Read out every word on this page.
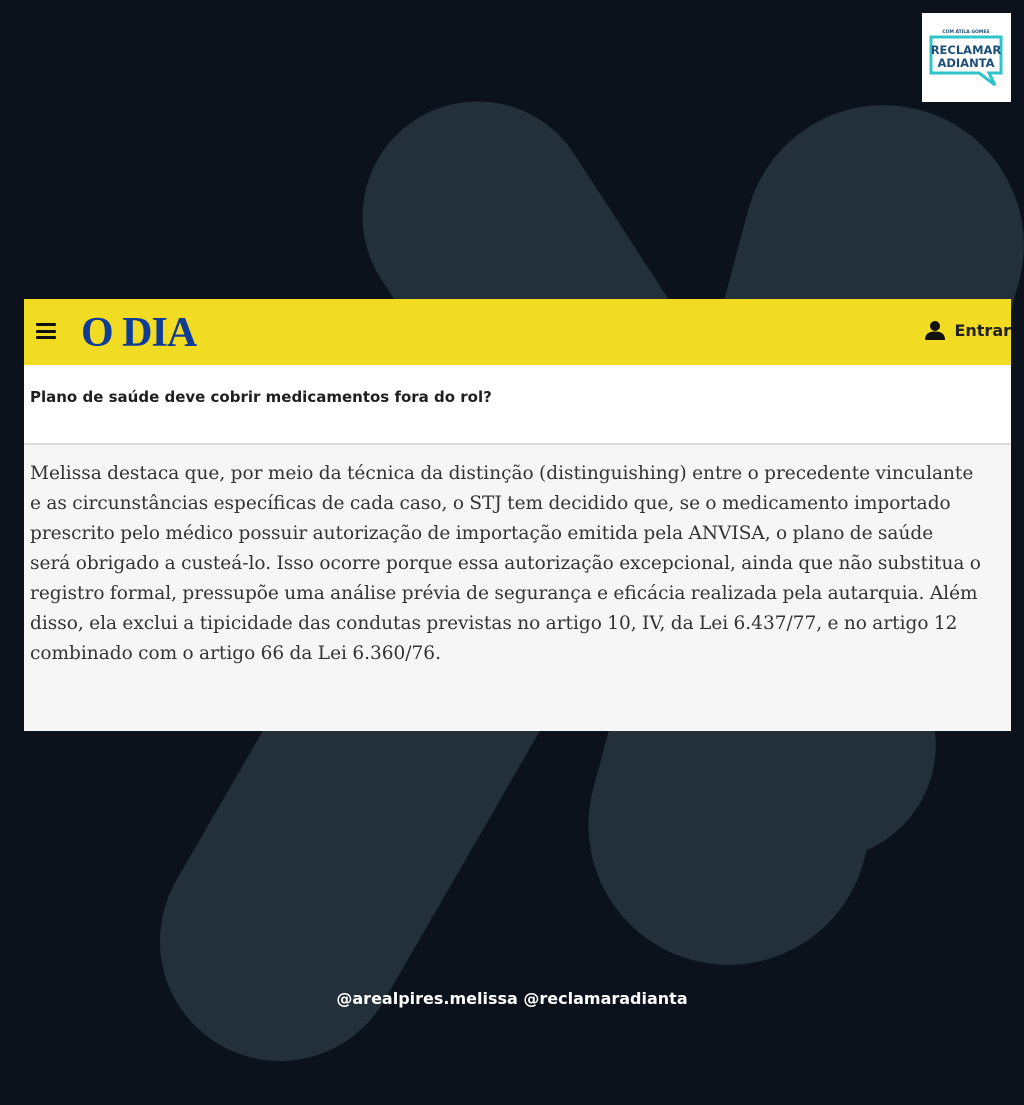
COM ÁTILA GOMES
RECLAMAR
ADIANTA
O DIA	Entrar
Plano de saúde deve cobrir medicamentos fora do rol?
Melissa destaca que, por meio da técnica da distinção (distinguishing) entre o precedente vinculante
e as circunstâncias específicas de cada caso, o STJ tem decidido que, se o medicamento importado
prescrito pelo médico possuir autorização de importação emitida pela ANVISA, o plano de saúde
será obrigado a custeá-lo. Isso ocorre porque essa autorização excepcional, ainda que não substitua o
registro formal, pressupõe uma análise prévia de segurança e eficácia realizada pela autarquia. Além
disso, ela exclui a tipicidade das condutas previstas no artigo 10, IV, da Lei 6.437/77, e no artigo 12
combinado com o artigo 66 da Lei 6.360/76.
@arealpires.melissa @reclamaradianta
